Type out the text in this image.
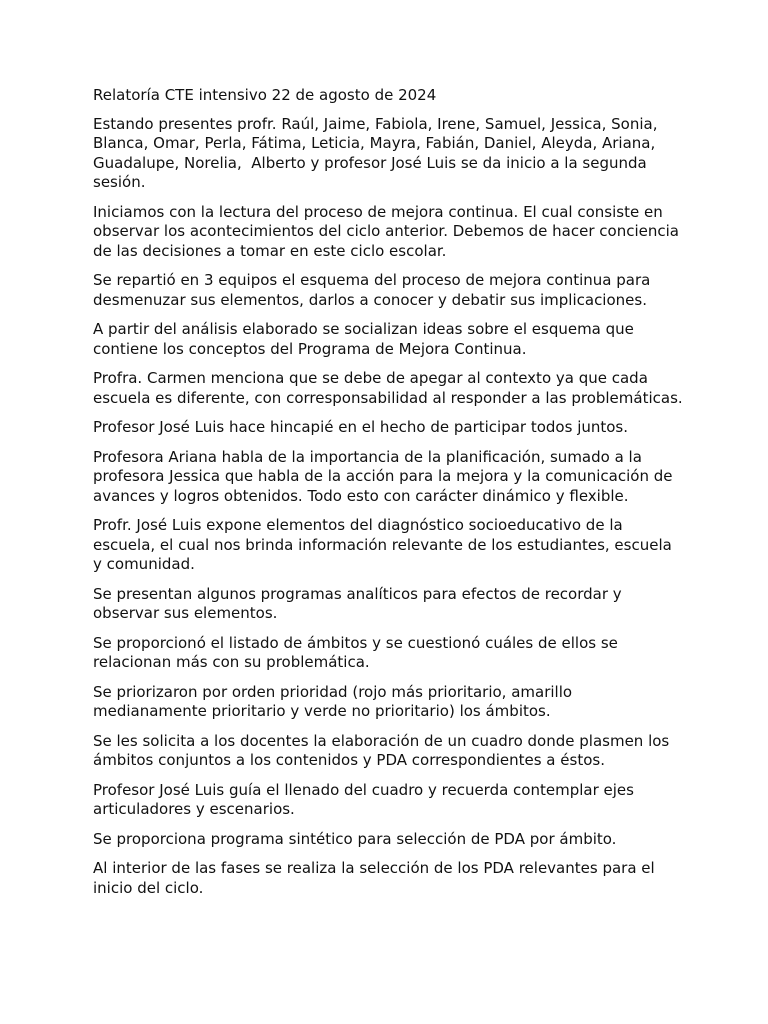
Relatoría CTE intensivo 22 de agosto de 2024

Estando presentes profr. Raúl, Jaime, Fabiola, Irene, Samuel, Jessica, Sonia, Blanca, Omar, Perla, Fátima, Leticia, Mayra, Fabián, Daniel, Aleyda, Ariana, Guadalupe, Norelia,  Alberto y profesor José Luis se da inicio a la segunda sesión.

Iniciamos con la lectura del proceso de mejora continua. El cual consiste en observar los acontecimientos del ciclo anterior. Debemos de hacer conciencia de las decisiones a tomar en este ciclo escolar.

Se repartió en 3 equipos el esquema del proceso de mejora continua para desmenuzar sus elementos, darlos a conocer y debatir sus implicaciones.

A partir del análisis elaborado se socializan ideas sobre el esquema que contiene los conceptos del Programa de Mejora Continua.

Profra. Carmen menciona que se debe de apegar al contexto ya que cada escuela es diferente, con corresponsabilidad al responder a las problemáticas.

Profesor José Luis hace hincapié en el hecho de participar todos juntos.

Profesora Ariana habla de la importancia de la planificación, sumado a la profesora Jessica que habla de la acción para la mejora y la comunicación de avances y logros obtenidos. Todo esto con carácter dinámico y flexible.

Profr. José Luis expone elementos del diagnóstico socioeducativo de la escuela, el cual nos brinda información relevante de los estudiantes, escuela y comunidad.

Se presentan algunos programas analíticos para efectos de recordar y observar sus elementos.

Se proporcionó el listado de ámbitos y se cuestionó cuáles de ellos se relacionan más con su problemática.

Se priorizaron por orden prioridad (rojo más prioritario, amarillo medianamente prioritario y verde no prioritario) los ámbitos.

Se les solicita a los docentes la elaboración de un cuadro donde plasmen los ámbitos conjuntos a los contenidos y PDA correspondientes a éstos.

Profesor José Luis guía el llenado del cuadro y recuerda contemplar ejes articuladores y escenarios.

Se proporciona programa sintético para selección de PDA por ámbito.

Al interior de las fases se realiza la selección de los PDA relevantes para el inicio del ciclo.
